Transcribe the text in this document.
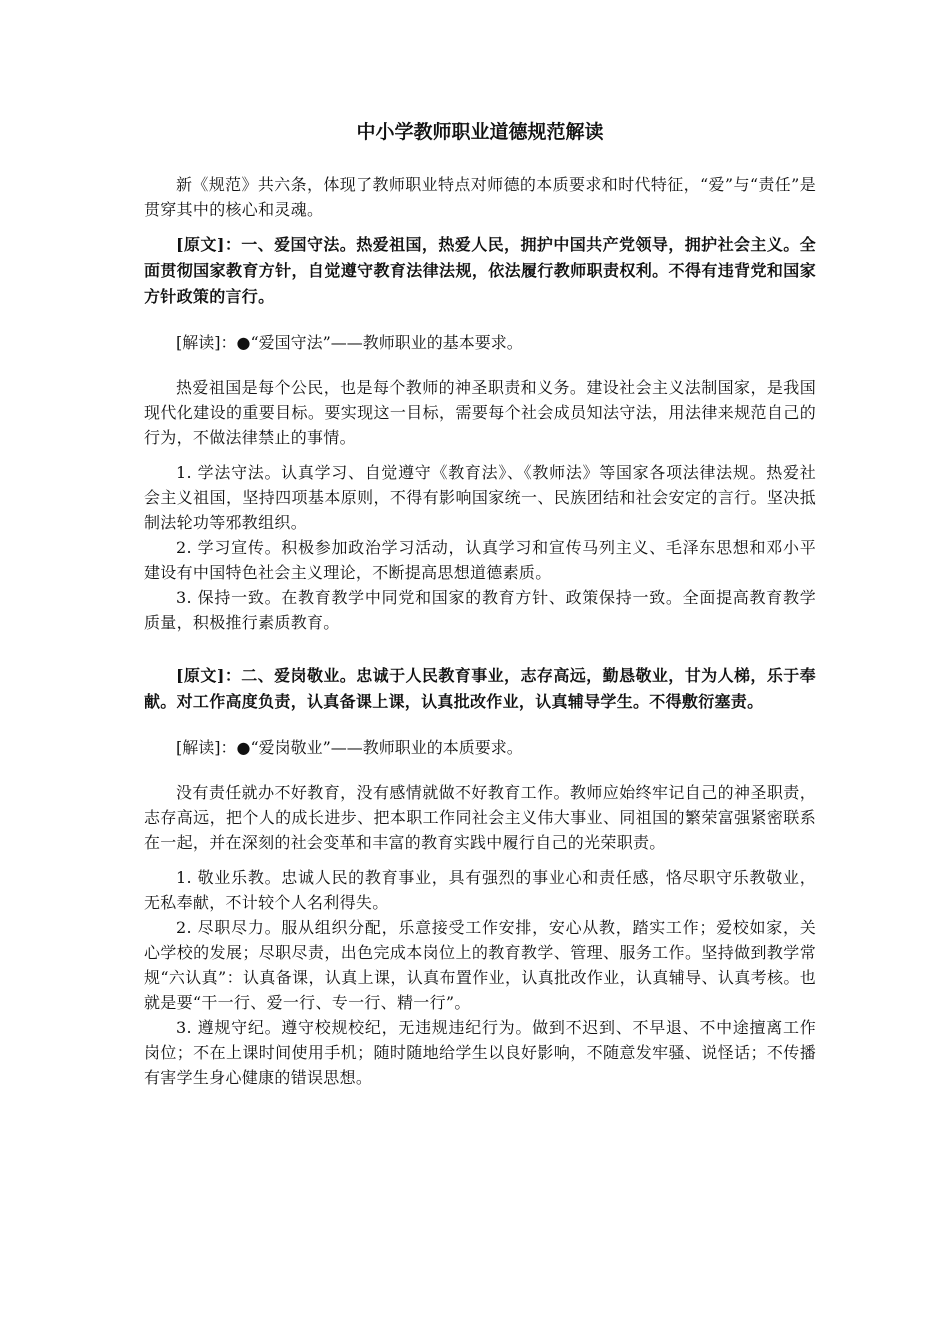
中小学教师职业道德规范解读

新《规范》共六条，体现了教师职业特点对师德的本质要求和时代特征，“爱”与“责任”是贯穿其中的核心和灵魂。

[原文]：一、爱国守法。热爱祖国，热爱人民，拥护中国共产党领导，拥护社会主义。全面贯彻国家教育方针，自觉遵守教育法律法规，依法履行教师职责权利。不得有违背党和国家方针政策的言行。

[解读]：●“爱国守法”——教师职业的基本要求。

热爱祖国是每个公民，也是每个教师的神圣职责和义务。建设社会主义法制国家，是我国现代化建设的重要目标。要实现这一目标，需要每个社会成员知法守法，用法律来规范自己的行为，不做法律禁止的事情。

1. 学法守法。认真学习、自觉遵守《教育法》、《教师法》等国家各项法律法规。热爱社会主义祖国，坚持四项基本原则，不得有影响国家统一、民族团结和社会安定的言行。坚决抵制法轮功等邪教组织。

2. 学习宣传。积极参加政治学习活动，认真学习和宣传马列主义、毛泽东思想和邓小平建设有中国特色社会主义理论，不断提高思想道德素质。

3. 保持一致。在教育教学中同党和国家的教育方针、政策保持一致。全面提高教育教学质量，积极推行素质教育。

[原文]：二、爱岗敬业。忠诚于人民教育事业，志存高远，勤恳敬业，甘为人梯，乐于奉献。对工作高度负责，认真备课上课，认真批改作业，认真辅导学生。不得敷衍塞责。

[解读]：●“爱岗敬业”——教师职业的本质要求。

没有责任就办不好教育，没有感情就做不好教育工作。教师应始终牢记自己的神圣职责，志存高远，把个人的成长进步、把本职工作同社会主义伟大事业、同祖国的繁荣富强紧密联系在一起，并在深刻的社会变革和丰富的教育实践中履行自己的光荣职责。

1. 敬业乐教。忠诚人民的教育事业，具有强烈的事业心和责任感，恪尽职守乐教敬业，无私奉献，不计较个人名利得失。

2. 尽职尽力。服从组织分配，乐意接受工作安排，安心从教，踏实工作；爱校如家，关心学校的发展；尽职尽责，出色完成本岗位上的教育教学、管理、服务工作。坚持做到教学常规“六认真”：认真备课，认真上课，认真布置作业，认真批改作业，认真辅导、认真考核。也就是要“干一行、爱一行、专一行、精一行”。

3. 遵规守纪。遵守校规校纪，无违规违纪行为。做到不迟到、不早退、不中途擅离工作岗位；不在上课时间使用手机；随时随地给学生以良好影响，不随意发牢骚、说怪话；不传播有害学生身心健康的错误思想。
